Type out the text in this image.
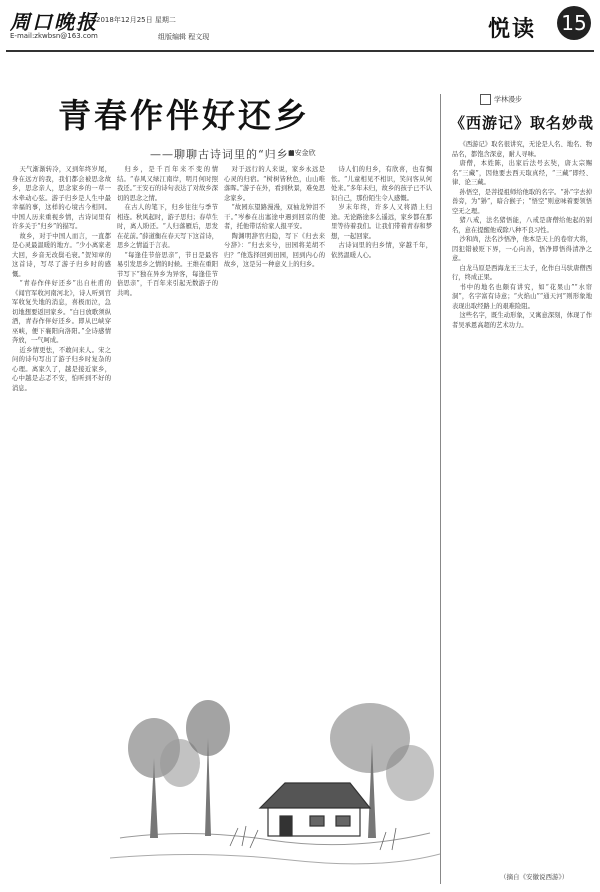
周口晚报
E-mail:zkwbsn@163.com
2018年12月25日 星期二
组版编辑 程文现	悦读 15
青春作伴好还乡
——聊聊古诗词里的“归乡”
■安金欣

天气渐渐转冷，又到年终岁尾，身在远方的我，我们都会被思念故乡，思念亲人，思念家乡的一草一木牵动心弦。游子归乡是人生中最幸福的事，这样的心境古今相同。中国人历来重视乡情，古诗词里有许多关于“归乡”的描写。

故乡，对于中国人而言，一直都是心灵最温暖的地方。“少小离家老大回，乡音无改鬓毛衰。”贺知章的这首诗，写尽了游子归乡时的感慨。

“青春作伴好还乡”出自杜甫的《闻官军收河南河北》，诗人听到官军收复失地的消息，喜极而泣，急切地想要返回家乡。“白日放歌须纵酒，青春作伴好还乡。即从巴峡穿巫峡，便下襄阳向洛阳。”全诗感情奔放，一气呵成。

近乡情更怯，不敢问来人。宋之问的诗句写出了游子归乡时复杂的心理。离家久了，越是接近家乡，心中越是忐忑不安，怕听到不好的消息。

归乡，是千百年来不变的情结。“春风又绿江南岸，明月何时照我还。”王安石的诗句表达了对故乡深切的思念之情。

在古人的笔下，归乡往往与季节相连。秋风起时，游子思归；春草生时，离人盼还。“人归落雁后，思发在花前。”薛道衡在春天写下这首诗，思乡之情溢于言表。

“每逢佳节倍思亲”，节日是最容易引发思乡之情的时候。王维在重阳节写下“独在异乡为异客，每逢佳节倍思亲”，千百年来引起无数游子的共鸣。

对于远行的人来说，家乡永远是心灵的归宿。“树树皆秋色，山山唯落晖。”游子在外，看到秋景，难免思念家乡。

“故园东望路漫漫，双袖龙钟泪不干。”岑参在出塞途中遇到回京的使者，托他带话给家人报平安。

陶渊明辞官归隐，写下《归去来兮辞》：“归去来兮，田园将芜胡不归？”他选择回到田园，回到内心的故乡，这是另一种意义上的归乡。

诗人们的归乡，有欣喜，也有惆怅。“儿童相见不相识，笑问客从何处来。”多年未归，故乡的孩子已不认识自己，那份陌生令人感慨。

岁末年终，许多人又将踏上归途。无论路途多么遥远，家乡都在那里等待着我们。让我们带着青春和梦想，一起回家。

古诗词里的归乡情，穿越千年，依然温暖人心。

学林漫步
《西游记》取名妙哉

《西游记》取名很讲究，无论是人名、地名、物品名，都饱含深意，耐人寻味。

唐僧，本姓陈，出家后法号玄奘，唐太宗赐名“三藏”，因他要去西天取真经，“三藏”即经、律、论三藏。

孙悟空，是菩提祖师给他取的名字。“孙”字去掉兽旁，为“狲”，暗合猴子；“悟空”则意味着要领悟空无之理。

猪八戒，法名猪悟能，八戒是唐僧给他起的别名，意在提醒他戒除八种不良习性。

沙和尚，法名沙悟净，他本是天上的卷帘大将，因犯错被贬下界，一心向善，悟净即悟得清净之意。

白龙马原是西海龙王三太子，化作白马驮唐僧西行，终成正果。

书中的地名也颇有讲究，如“花果山”“水帘洞”，名字富有诗意；“火焰山”“通天河”则形象地表现出取经路上的艰难险阻。

这些名字，既生动形象，又寓意深刻，体现了作者吴承恩高超的艺术功力。

（摘自《安徽说西游》）
